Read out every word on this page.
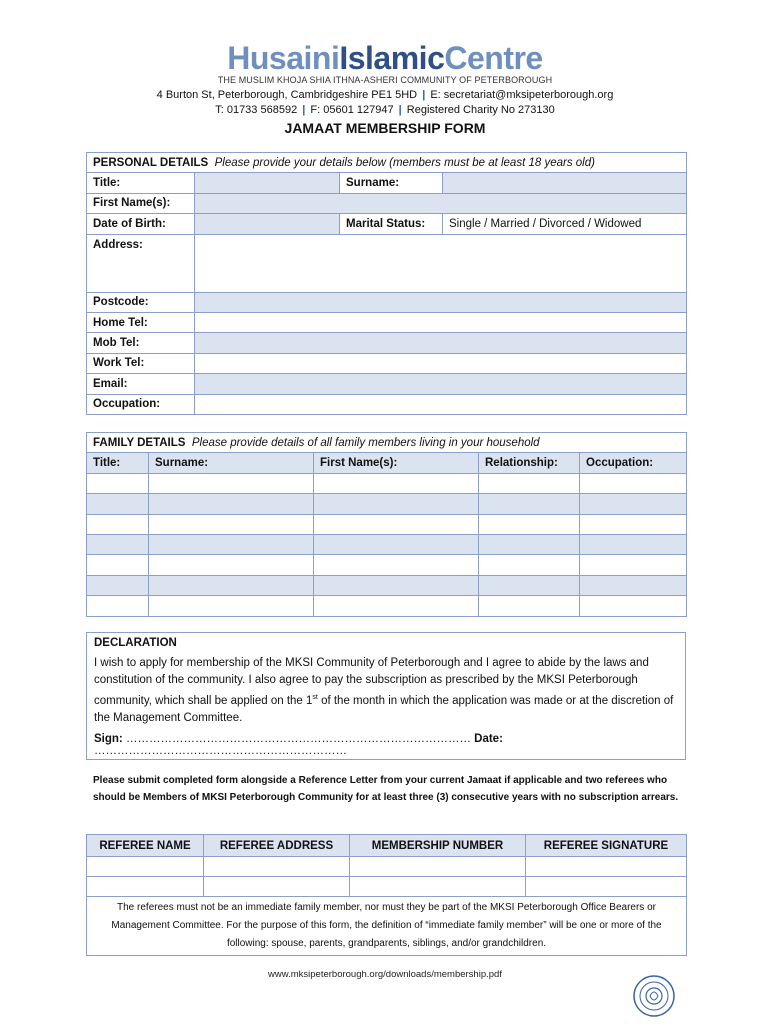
HusainiIslamicCentre
THE MUSLIM KHOJA SHIA ITHNA-ASHERI COMMUNITY OF PETERBOROUGH
4 Burton St, Peterborough, Cambridgeshire PE1 5HD | E: secretariat@mksipeterborough.org
T: 01733 568592 | F: 05601 127947 | Registered Charity No 273130
JAMAAT MEMBERSHIP FORM
PERSONAL DETAILS Please provide your details below (members must be at least 18 years old)			
Title:		Surname:	
First Name(s):			
Date of Birth:		Marital Status:	Single / Married / Divorced / Widowed
Address:			
Postcode:			
Home Tel:			
Mob Tel:			
Work Tel:			
Email:			
Occupation:			
FAMILY DETAILS Please provide details of all family members living in your household				
Title:	Surname:	First Name(s):	Relationship:	Occupation:

DECLARATION
I wish to apply for membership of the MKSI Community of Peterborough and I agree to abide by the laws and constitution of the community. I also agree to pay the subscription as prescribed by the MKSI Peterborough community, which shall be applied on the 1st of the month in which the application was made or at the discretion of the Management Committee.
Sign: ……………………………………………………………………………… Date: …………………………………………………………
Please submit completed form alongside a Reference Letter from your current Jamaat if applicable and two referees who should be Members of MKSI Peterborough Community for at least three (3) consecutive years with no subscription arrears.
REFEREE NAME	REFEREE ADDRESS	MEMBERSHIP NUMBER	REFEREE SIGNATURE

The referees must not be an immediate family member, nor must they be part of the MKSI Peterborough Office Bearers or Management Committee. For the purpose of this form, the definition of “immediate family member” will be one or more of the following: spouse, parents, grandparents, siblings, and/or grandchildren.			
www.mksipeterborough.org/downloads/membership.pdf
